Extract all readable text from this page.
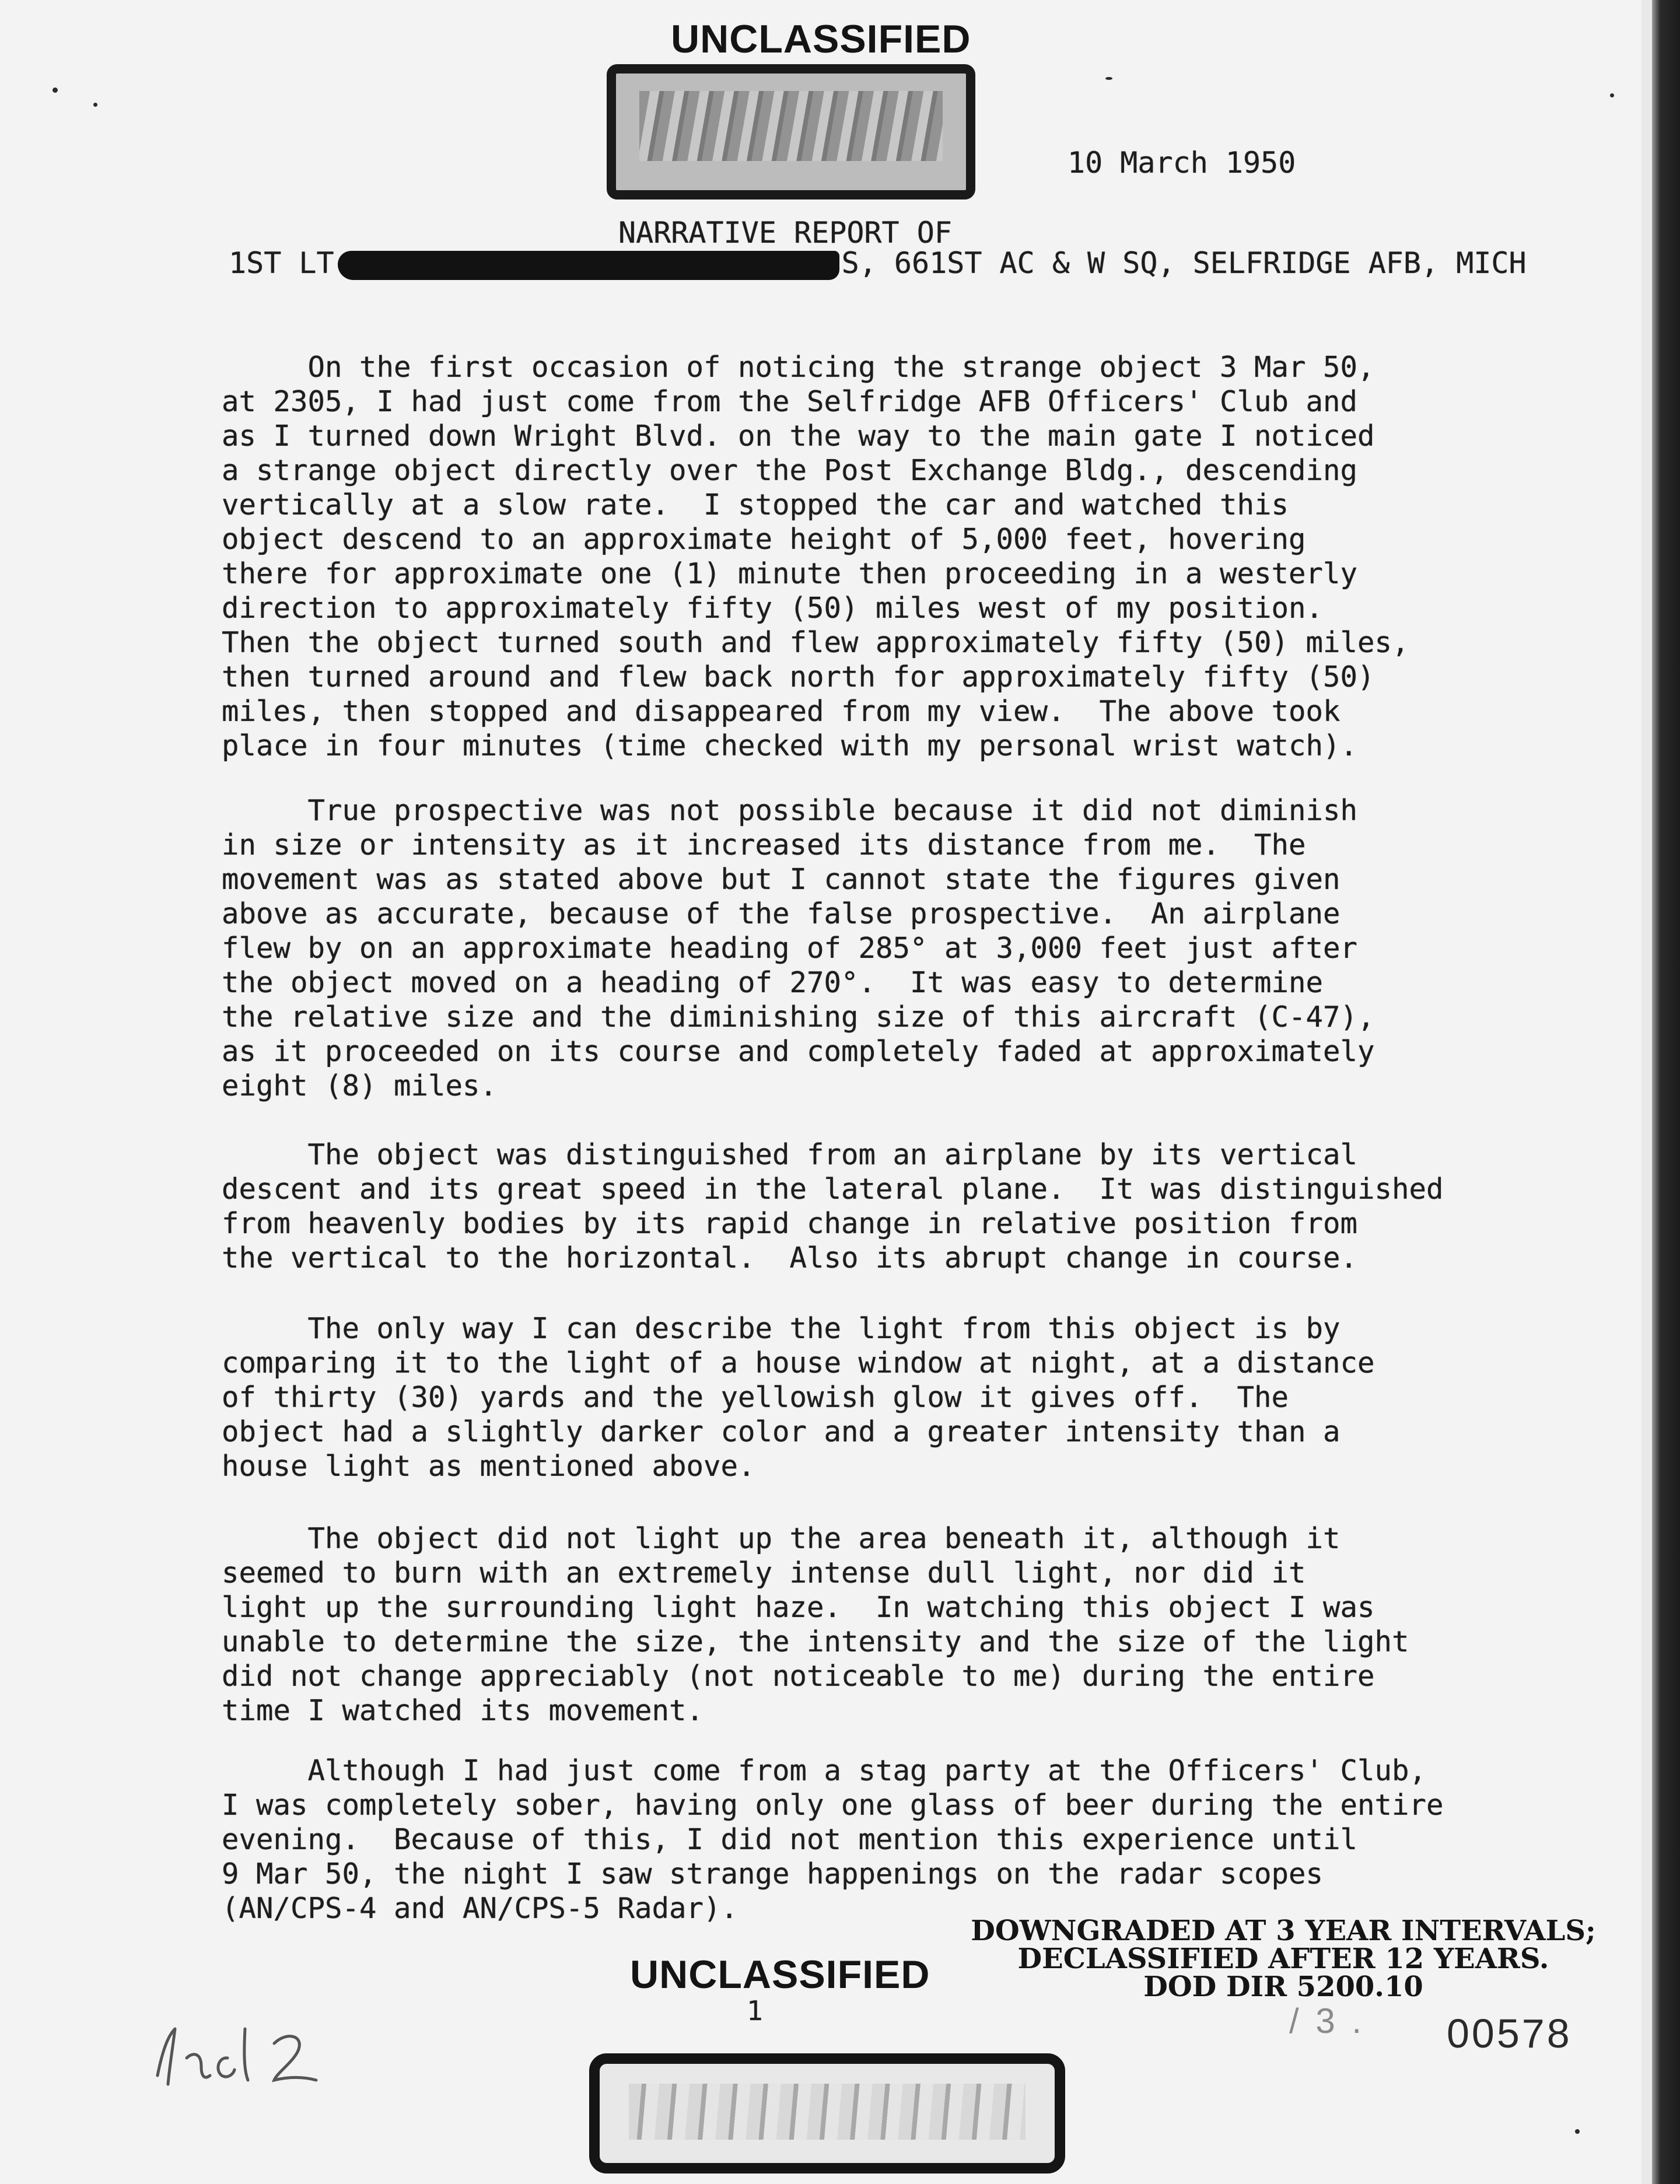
UNCLASSIFIED
10 March 1950
NARRATIVE REPORT OF
1ST LT	S, 661ST AC & W SQ, SELFRIDGE AFB, MICH
On the first occasion of noticing the strange object 3 Mar 50,
at 2305, I had just come from the Selfridge AFB Officers' Club and
as I turned down Wright Blvd. on the way to the main gate I noticed
a strange object directly over the Post Exchange Bldg., descending
vertically at a slow rate.  I stopped the car and watched this
object descend to an approximate height of 5,000 feet, hovering
there for approximate one (1) minute then proceeding in a westerly
direction to approximately fifty (50) miles west of my position.
Then the object turned south and flew approximately fifty (50) miles,
then turned around and flew back north for approximately fifty (50)
miles, then stopped and disappeared from my view.  The above took
place in four minutes (time checked with my personal wrist watch).
True prospective was not possible because it did not diminish
in size or intensity as it increased its distance from me.  The
movement was as stated above but I cannot state the figures given
above as accurate, because of the false prospective.  An airplane
flew by on an approximate heading of 285° at 3,000 feet just after
the object moved on a heading of 270°.  It was easy to determine
the relative size and the diminishing size of this aircraft (C-47),
as it proceeded on its course and completely faded at approximately
eight (8) miles.
The object was distinguished from an airplane by its vertical
descent and its great speed in the lateral plane.  It was distinguished
from heavenly bodies by its rapid change in relative position from
the vertical to the horizontal.  Also its abrupt change in course.
The only way I can describe the light from this object is by
comparing it to the light of a house window at night, at a distance
of thirty (30) yards and the yellowish glow it gives off.  The
object had a slightly darker color and a greater intensity than a
house light as mentioned above.
The object did not light up the area beneath it, although it
seemed to burn with an extremely intense dull light, nor did it
light up the surrounding light haze.  In watching this object I was
unable to determine the size, the intensity and the size of the light
did not change appreciably (not noticeable to me) during the entire
time I watched its movement.
Although I had just come from a stag party at the Officers' Club,
I was completely sober, having only one glass of beer during the entire
evening.  Because of this, I did not mention this experience until
9 Mar 50, the night I saw strange happenings on the radar scopes
(AN/CPS-4 and AN/CPS-5 Radar).
DOWNGRADED AT 3 YEAR INTERVALS;
DECLASSIFIED AFTER 12 YEARS.
DOD DIR 5200.10
UNCLASSIFIED
1	/ 3 . 00578
